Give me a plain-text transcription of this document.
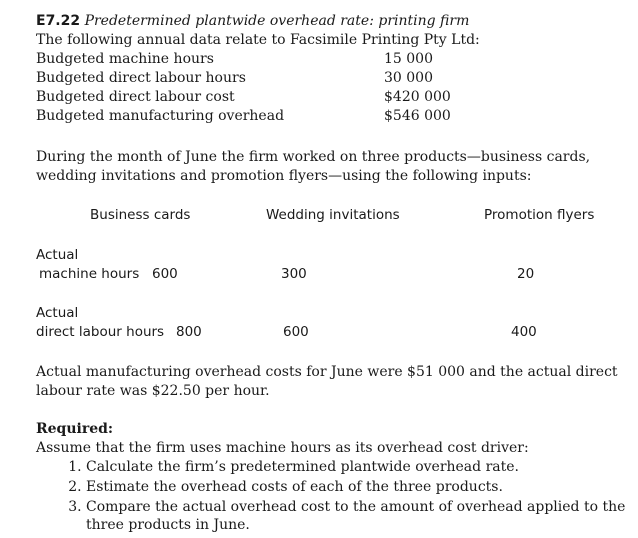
E7.22 Predetermined plantwide overhead rate: printing firm
The following annual data relate to Facsimile Printing Pty Ltd:
Budgeted machine hours	15 000
Budgeted direct labour hours	30 000
Budgeted direct labour cost	$420 000
Budgeted manufacturing overhead	$546 000
During the month of June the firm worked on three products—business cards,
wedding invitations and promotion flyers—using the following inputs:
Business cards	Wedding invitations	Promotion flyers
Actual
machine hours 600	300	20
Actual
direct labour hours 800	600	400
Actual manufacturing overhead costs for June were $51 000 and the actual direct
labour rate was $22.50 per hour.
Required:
Assume that the firm uses machine hours as its overhead cost driver:
1. Calculate the firm’s predetermined plantwide overhead rate.
2. Estimate the overhead costs of each of the three products.
3. Compare the actual overhead cost to the amount of overhead applied to the three products in June.
